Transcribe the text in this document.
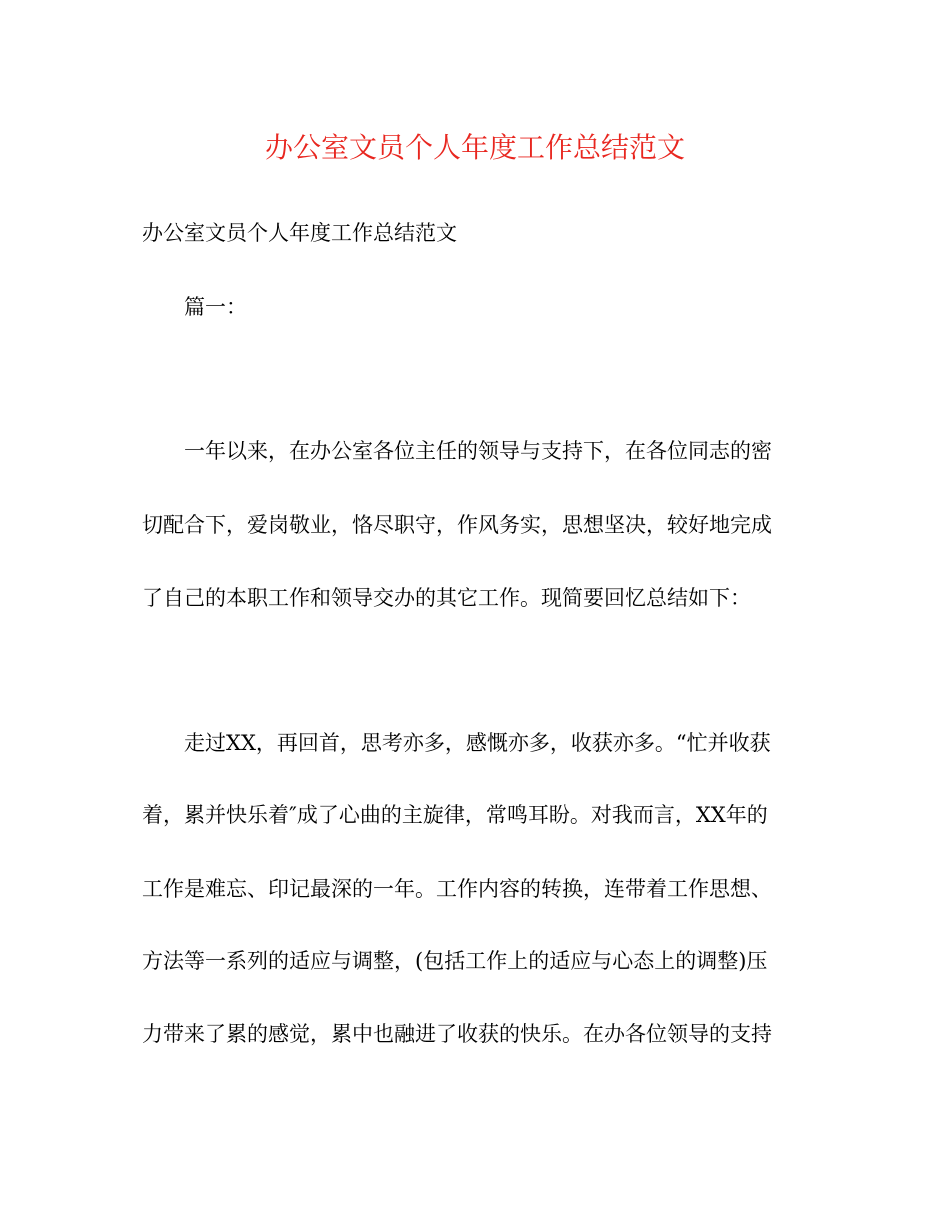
办公室文员个人年度工作总结范文
办公室文员个人年度工作总结范文
篇一：
一年以来，在办公室各位主任的领导与支持下，在各位同志的密
切配合下，爱岗敬业，恪尽职守，作风务实，思想坚决，较好地完成
了自己的本职工作和领导交办的其它工作。现简要回忆总结如下：
走过XX，再回首，思考亦多，感慨亦多，收获亦多。“忙并收获
着，累并快乐着″成了心曲的主旋律，常鸣耳盼。对我而言，XX年的
工作是难忘、印记最深的一年。工作内容的转换，连带着工作思想、
方法等一系列的适应与调整，(包括工作上的适应与心态上的调整)压
力带来了累的感觉，累中也融进了收获的快乐。在办各位领导的支持
